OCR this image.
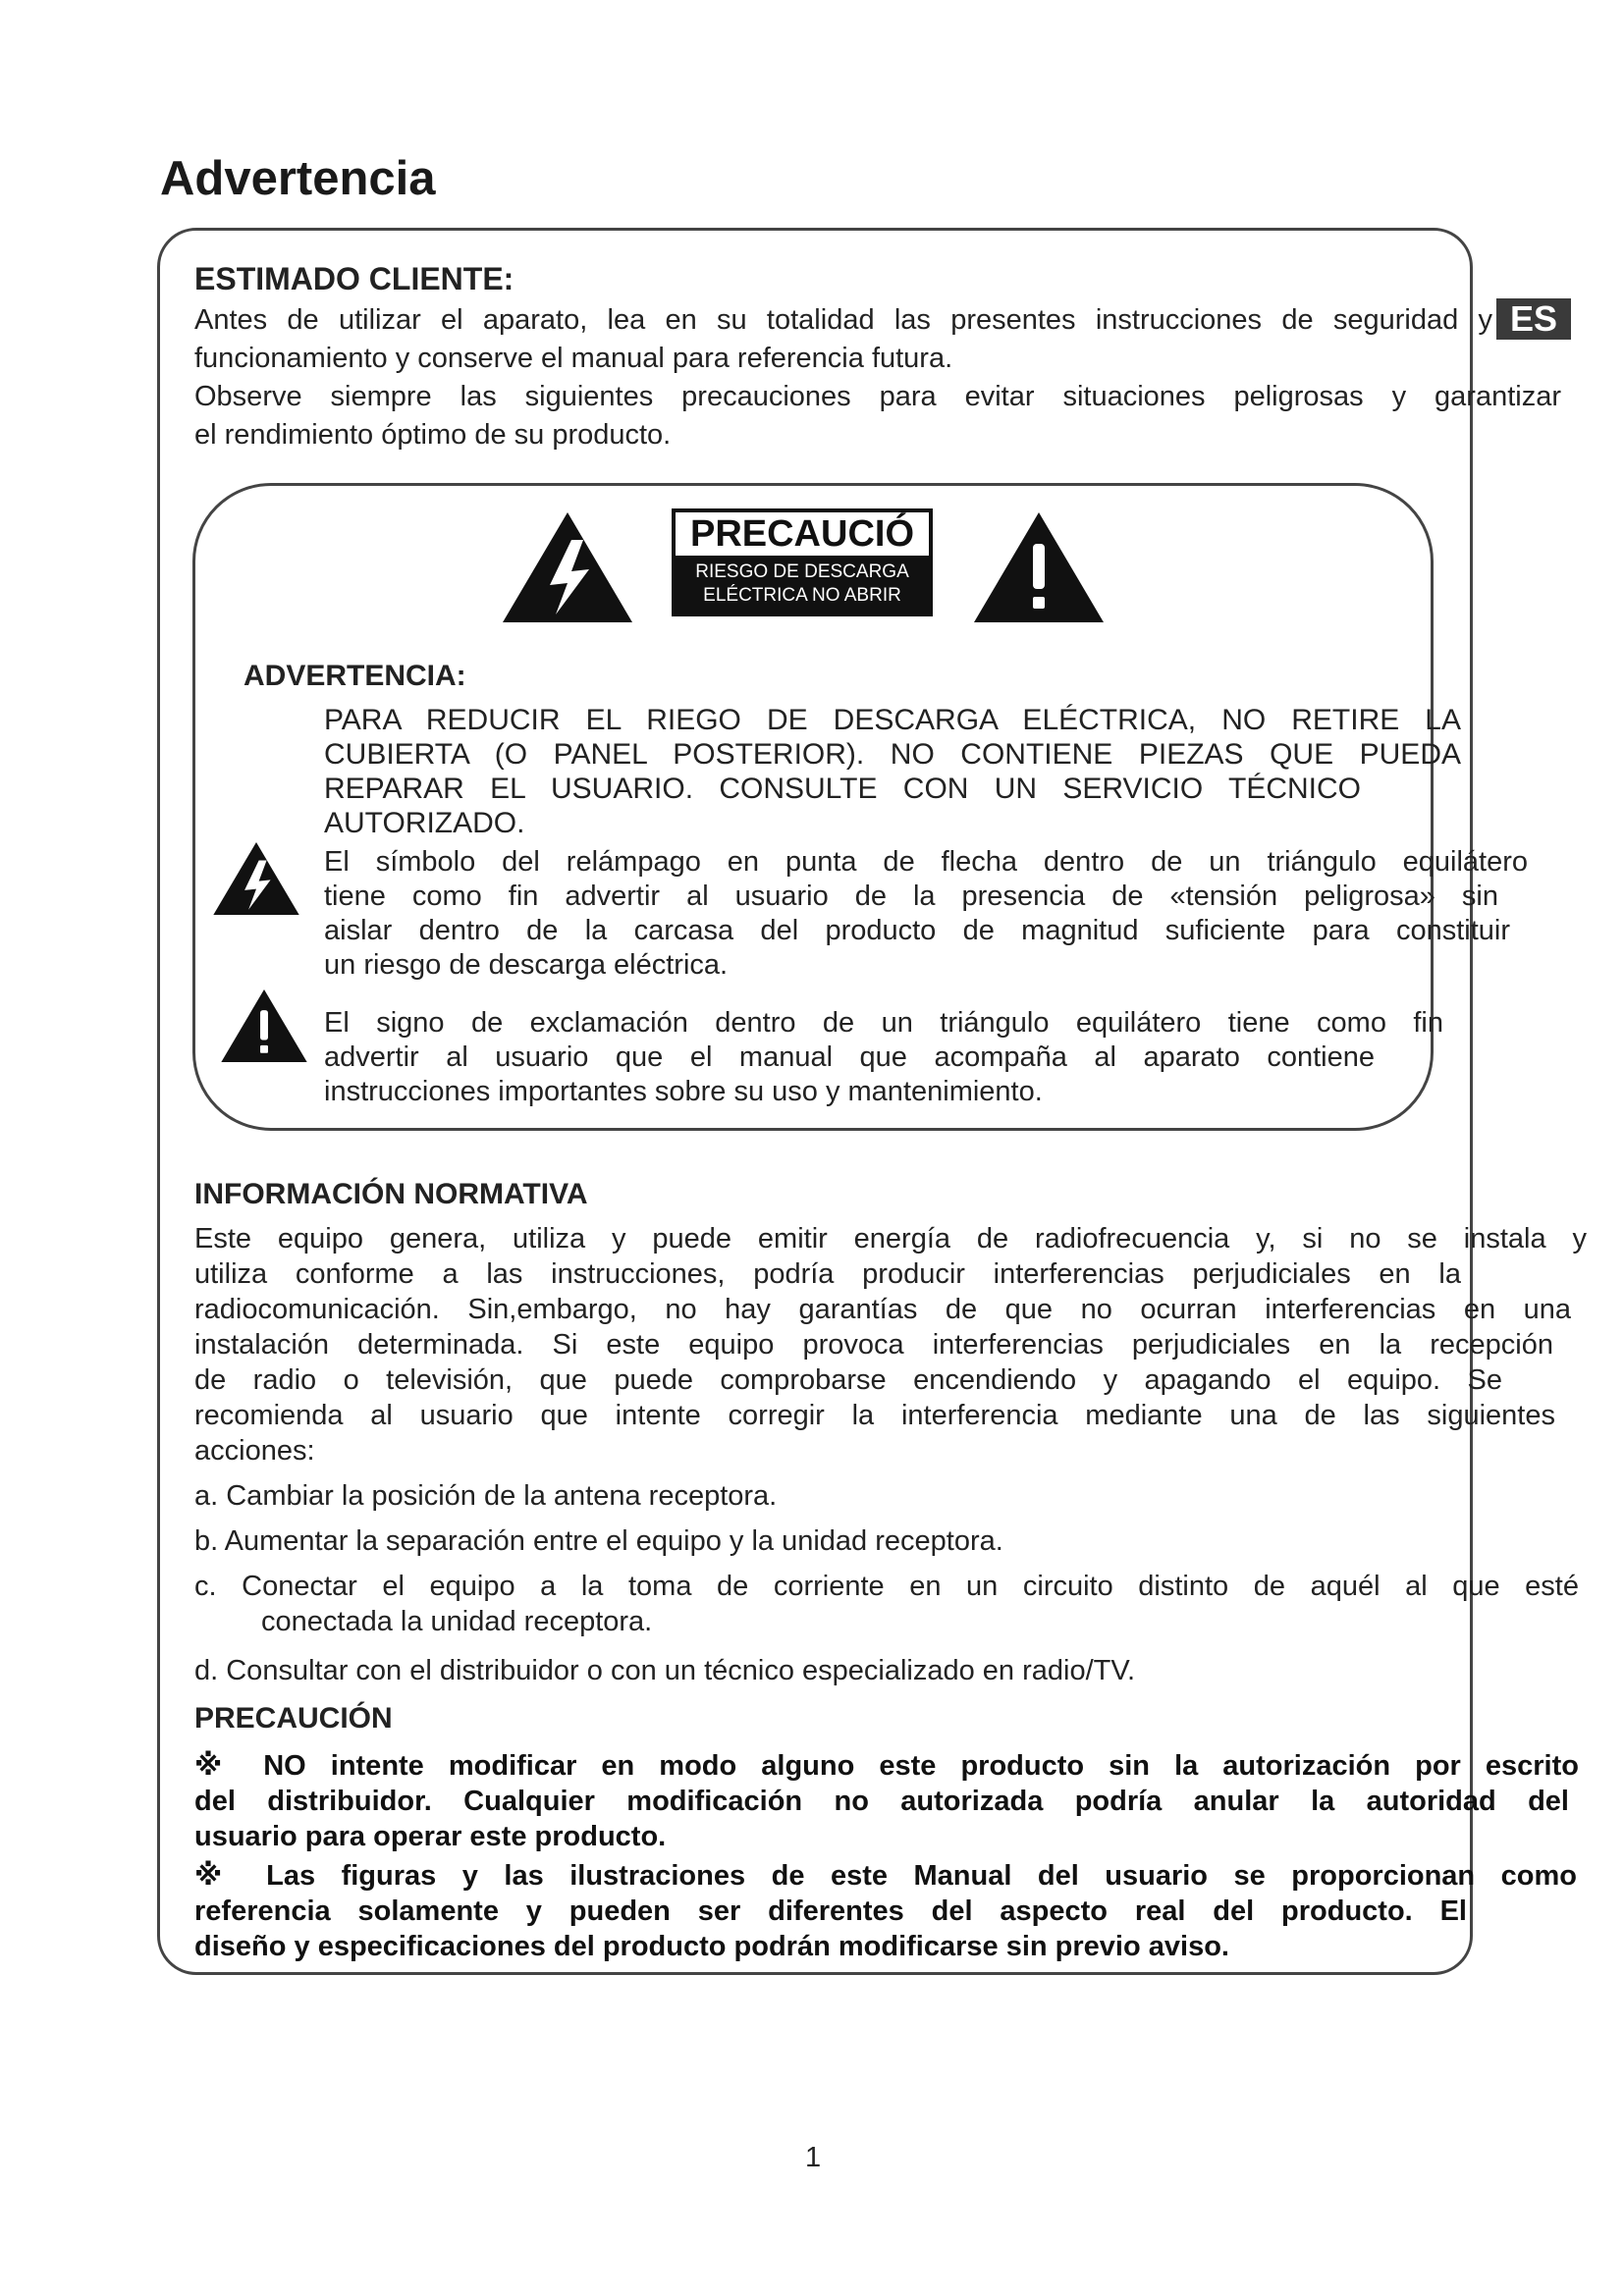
Advertencia
ES
ESTIMADO CLIENTE:
Antes de utilizar el aparato, lea en su totalidad las presentes instrucciones de seguridad y
funcionamiento y conserve el manual para referencia futura.
Observe siempre las siguientes precauciones para evitar situaciones peligrosas y garantizar
el rendimiento óptimo de su producto.
PRECAUCIÓ
RIESGO DE DESCARGA
ELÉCTRICA NO ABRIR
ADVERTENCIA:
PARA REDUCIR EL RIEGO DE DESCARGA ELÉCTRICA, NO RETIRE LA
CUBIERTA (O PANEL POSTERIOR). NO CONTIENE PIEZAS QUE PUEDA
REPARAR EL USUARIO. CONSULTE CON UN SERVICIO TÉCNICO
AUTORIZADO.
El símbolo del relámpago en punta de flecha dentro de un triángulo equilátero
tiene como fin advertir al usuario de la presencia de «tensión peligrosa» sin
aislar dentro de la carcasa del producto de magnitud suficiente para constituir
un riesgo de descarga eléctrica.
El signo de exclamación dentro de un triángulo equilátero tiene como fin
advertir al usuario que el manual que acompaña al aparato contiene
instrucciones importantes sobre su uso y mantenimiento.
INFORMACIÓN NORMATIVA
Este equipo genera, utiliza y puede emitir energía de radiofrecuencia y, si no se instala y
utiliza conforme a las instrucciones, podría producir interferencias perjudiciales en la
radiocomunicación. Sin,embargo, no hay garantías de que no ocurran interferencias en una
instalación determinada. Si este equipo provoca interferencias perjudiciales en la recepción
de radio o televisión, que puede comprobarse encendiendo y apagando el equipo. Se
recomienda al usuario que intente corregir la interferencia mediante una de las siguientes
acciones:
a. Cambiar la posición de la antena receptora.
b. Aumentar la separación entre el equipo y la unidad receptora.
c. Conectar el equipo a la toma de corriente en un circuito distinto de aquél al que esté
conectada la unidad receptora.
d. Consultar con el distribuidor o con un técnico especializado en radio/TV.
PRECAUCIÓN
※ NO intente modificar en modo alguno este producto sin la autorización por escrito
del distribuidor. Cualquier modificación no autorizada podría anular la autoridad del
usuario para operar este producto.
※ Las figuras y las ilustraciones de este Manual del usuario se proporcionan como
referencia solamente y pueden ser diferentes del aspecto real del producto. El
diseño y especificaciones del producto podrán modificarse sin previo aviso.
1
